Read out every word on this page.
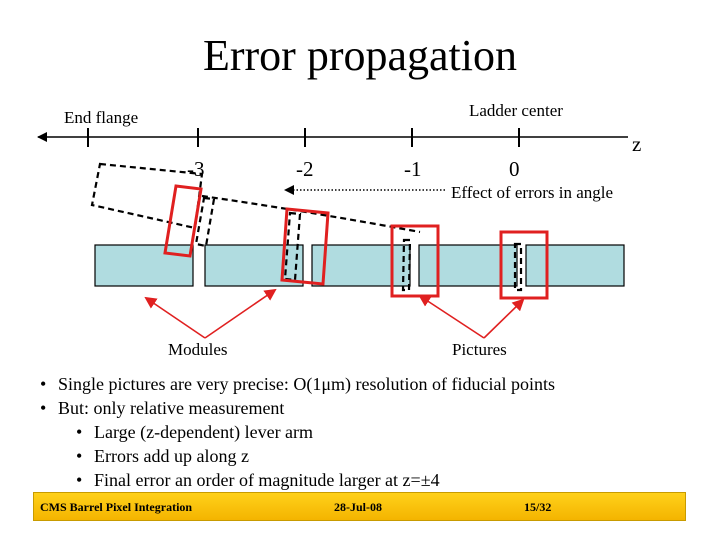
Error propagation
End flange	Ladder center
z
-3	-2	-1	0
Effect of errors in angle
Modules	Pictures
• Single pictures are very precise: O(1μm) resolution of fiducial points
• But: only relative measurement
• Large (z-dependent) lever arm
• Errors add up along z
• Final error an order of magnitude larger at z=±4
CMS Barrel Pixel Integration	28-Jul-08	15/32
